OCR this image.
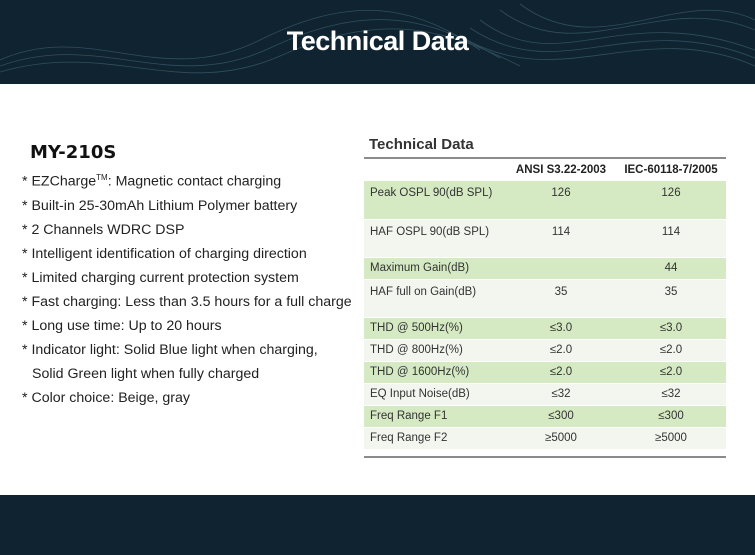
Technical Data
MY-210S
* EZCharge™: Magnetic contact charging
* Built-in 25-30mAh Lithium Polymer battery
* 2 Channels WDRC DSP
* Intelligent identification of charging direction
* Limited charging current protection system
* Fast charging: Less than 3.5 hours for a full charge
* Long use time: Up to 20 hours
* Indicator light: Solid Blue light when charging,
Solid Green light when fully charged
* Color choice: Beige, gray
Technical Data
	ANSI S3.22-2003	IEC-60118-7/2005
Peak OSPL 90(dB SPL)	126	126
HAF OSPL 90(dB SPL)	114	114
Maximum Gain(dB)		44
HAF full on Gain(dB)	35	35
THD @ 500Hz(%)	≤3.0	≤3.0
THD @ 800Hz(%)	≤2.0	≤2.0
THD @ 1600Hz(%)	≤2.0	≤2.0
EQ Input Noise(dB)	≤32	≤32
Freq Range F1	≤300	≤300
Freq Range F2	≥5000	≥5000
